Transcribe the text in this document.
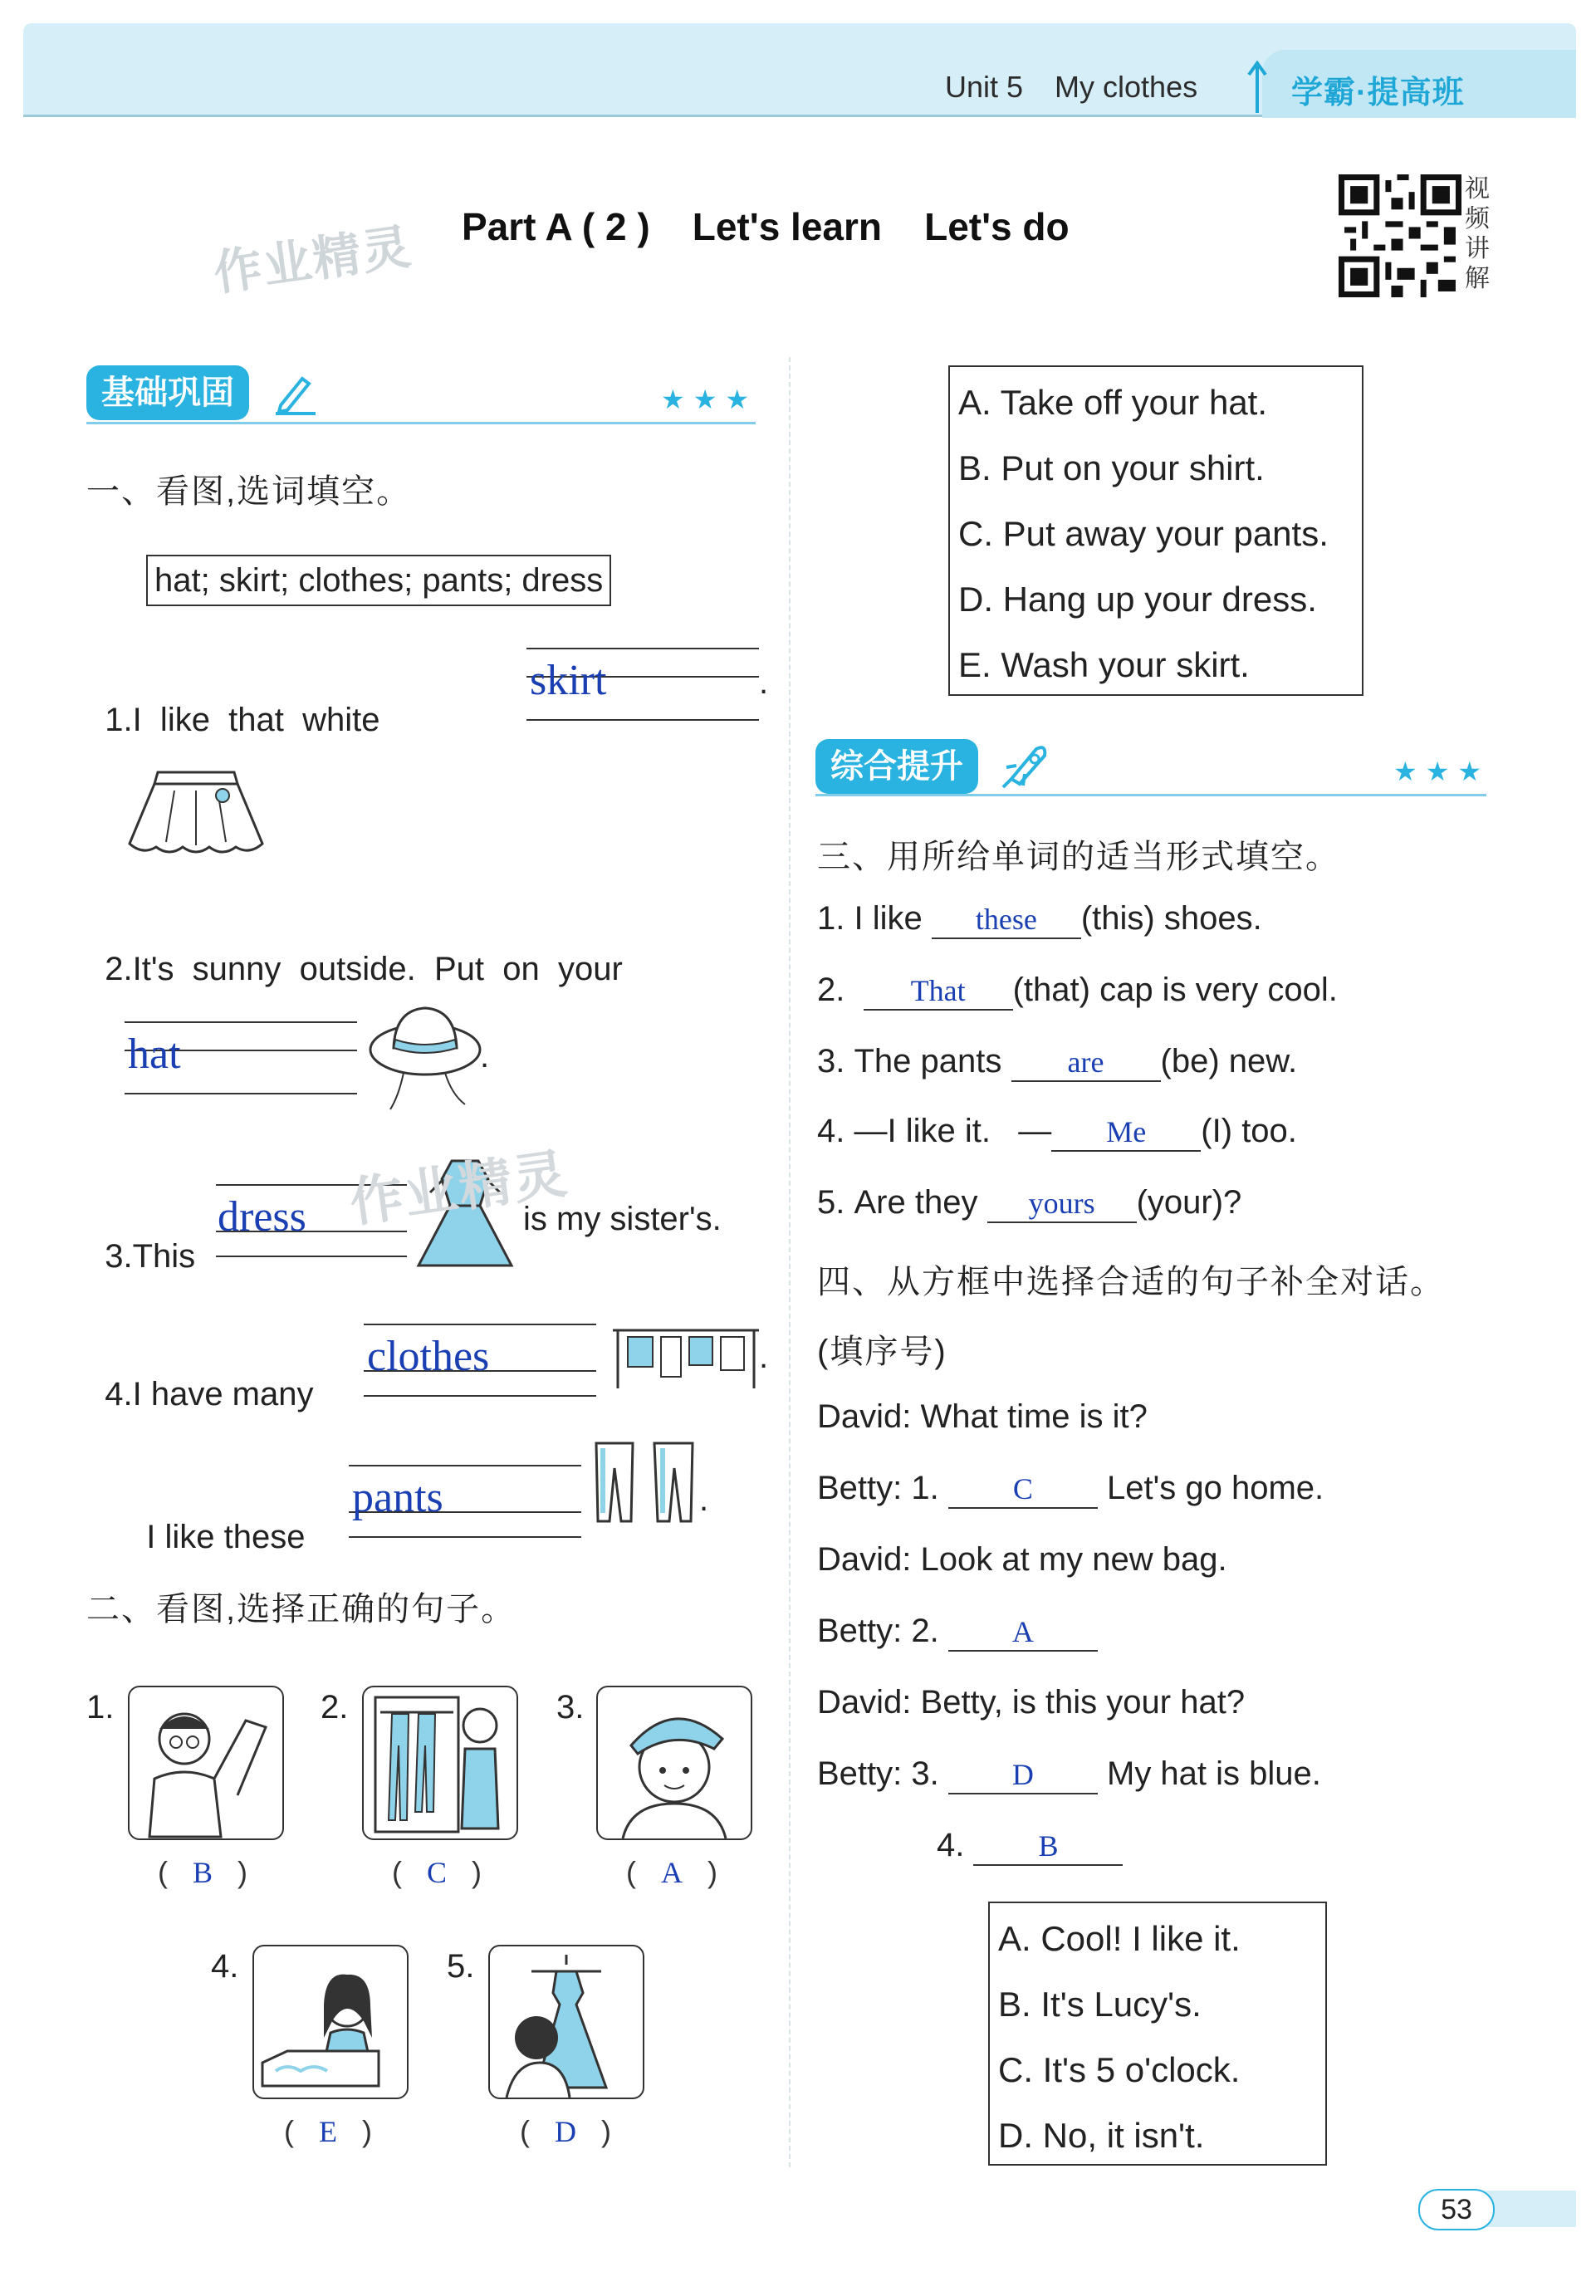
Unit 5 My clothes	学霸·提高班
作业精灵 Part A ( 2 )    Let's learn    Let's do
视频讲解
基础巩固	★★★
一、看图,选词填空。
hat; skirt; clothes; pants; dress

1.I  like  that  white

skirt	.

2.It's  sunny  outside.  Put  on  your

hat	.

3.This

dress	is my sister's.

4.I have many

clothes	.

I like these

pants	.
二、看图,选择正确的句子。
1.
(   B   )
2.
(   C   )
3.
(   A   )
4.
(   E   )
5.
(   D   )
作业精灵
A. Take off your hat.
B. Put on your shirt.
C. Put away your pants.
D. Hang up your dress.
E. Wash your skirt.
综合提升	★★★
三、用所给单词的适当形式填空。
1. I like these (this) shoes.
2. That (that) cap is very cool.
3. The pants are (be) new.
4. —I like it.   — Me (I) too.
5. Are they yours (your)?
四、从方框中选择合适的句子补全对话。
(填序号)
David: What time is it?
Betty: 1. C Let's go home.
David: Look at my new bag.
Betty: 2. A
David: Betty, is this your hat?
Betty: 3. D My hat is blue.
4. B
A. Cool! I like it.
B. It's Lucy's.
C. It's 5 o'clock.
D. No, it isn't.
53
